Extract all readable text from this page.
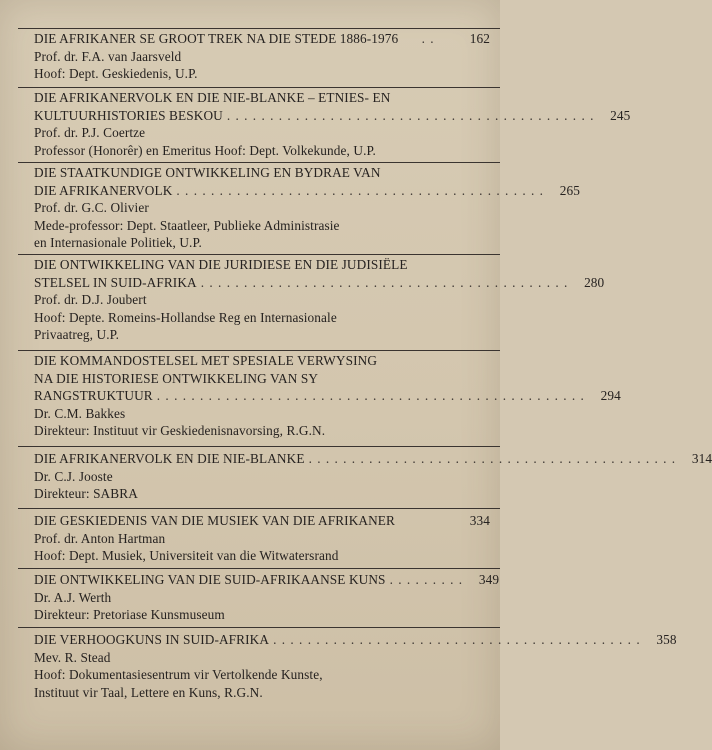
DIE AFRIKANER SE GROOT TREK NA DIE STEDE 1886-1976	. .	162
Prof. dr. F.A. van Jaarsveld
Hoof: Dept. Geskiedenis, U.P.
DIE AFRIKANERVOLK EN DIE NIE-BLANKE – ETNIES- EN
KULTUURHISTORIES BESKOU . . . . . . . . . . . . . . . . . . . . . . . . . . . . . . . . . . . . . . . . . . .	245
Prof. dr. P.J. Coertze
Professor (Honorêr) en Emeritus Hoof: Dept. Volkekunde, U.P.
DIE STAATKUNDIGE ONTWIKKELING EN BYDRAE VAN
DIE AFRIKANERVOLK . . . . . . . . . . . . . . . . . . . . . . . . . . . . . . . . . . . . . . . . . . .	265
Prof. dr. G.C. Olivier
Mede-professor: Dept. Staatleer, Publieke Administrasie
en Internasionale Politiek, U.P.
DIE ONTWIKKELING VAN DIE JURIDIESE EN DIE JUDISIËLE
STELSEL IN SUID-AFRIKA . . . . . . . . . . . . . . . . . . . . . . . . . . . . . . . . . . . . . . . . . . .	280
Prof. dr. D.J. Joubert
Hoof: Depte. Romeins-Hollandse Reg en Internasionale
Privaatreg, U.P.
DIE KOMMANDOSTELSEL MET SPESIALE VERWYSING
NA DIE HISTORIESE ONTWIKKELING VAN SY
RANGSTRUKTUUR . . . . . . . . . . . . . . . . . . . . . . . . . . . . . . . . . . . . . . . . . . . . . . . . . .	294
Dr. C.M. Bakkes
Direkteur: Instituut vir Geskiedenisnavorsing, R.G.N.
DIE AFRIKANERVOLK EN DIE NIE-BLANKE . . . . . . . . . . . . . . . . . . . . . . . . . . . . . . . . . . . . . . . . . . .	314
Dr. C.J. Jooste
Direkteur: SABRA
DIE GESKIEDENIS VAN DIE MUSIEK VAN DIE AFRIKANER	334
Prof. dr. Anton Hartman
Hoof: Dept. Musiek, Universiteit van die Witwatersrand
DIE ONTWIKKELING VAN DIE SUID-AFRIKAANSE KUNS . . . . . . . . .	349
Dr. A.J. Werth
Direkteur: Pretoriase Kunsmuseum
DIE VERHOOGKUNS IN SUID-AFRIKA . . . . . . . . . . . . . . . . . . . . . . . . . . . . . . . . . . . . . . . . . . .	358
Mev. R. Stead
Hoof: Dokumentasiesentrum vir Vertolkende Kunste,
Instituut vir Taal, Lettere en Kuns, R.G.N.
